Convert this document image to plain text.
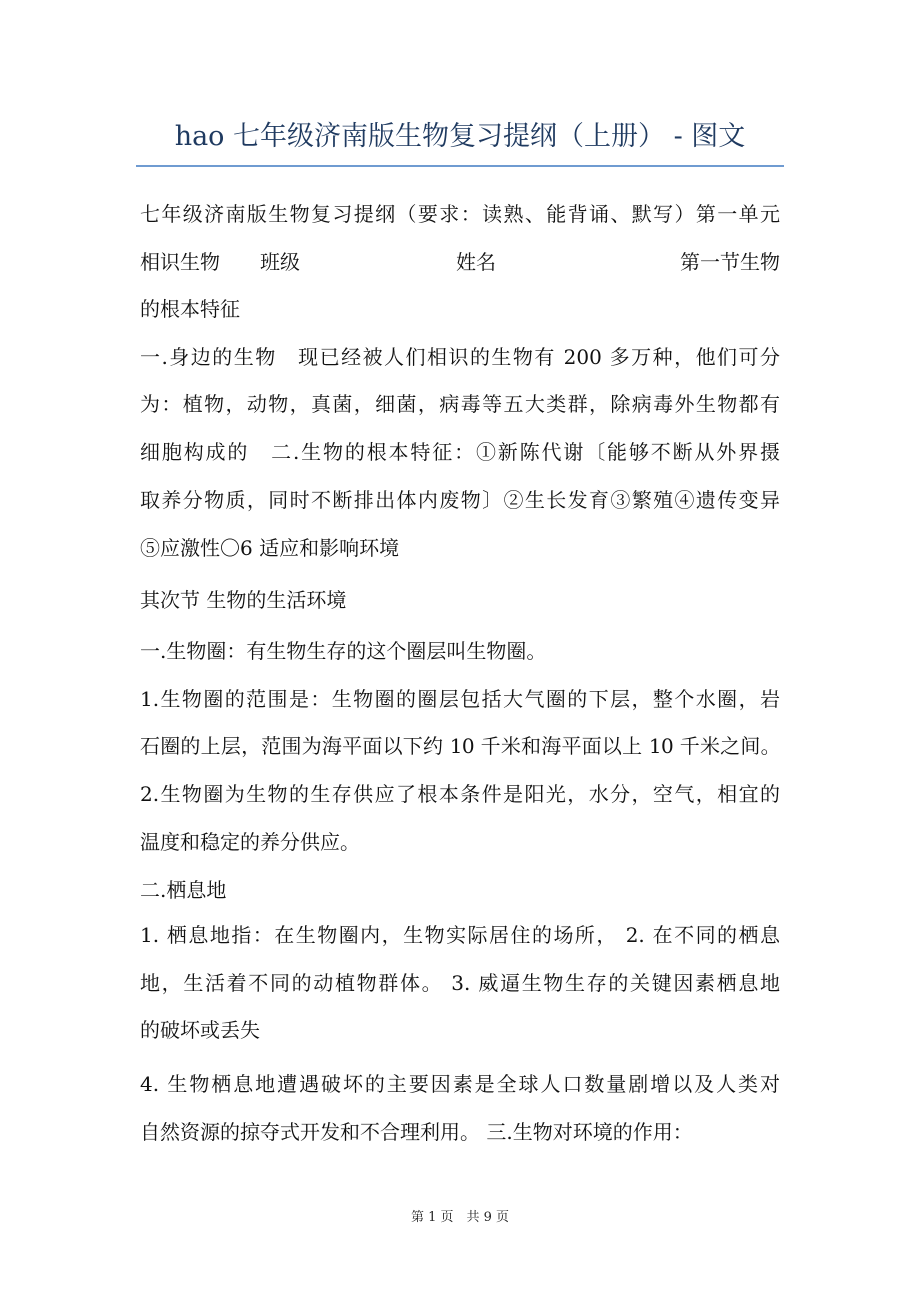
hao 七年级济南版生物复习提纲（上册） - 图文
七年级济南版生物复习提纲（要求：读熟、能背诵、默写）第一单元
相识生物 班级	姓名	第一节生物
的根本特征
一.身边的生物　现已经被人们相识的生物有 200 多万种，他们可分
为：植物，动物，真菌，细菌，病毒等五大类群，除病毒外生物都有
细胞构成的　二.生物的根本特征：①新陈代谢〔能够不断从外界摄
取养分物质，同时不断排出体内废物〕②生长发育③繁殖④遗传变异
⑤应激性〇6 适应和影响环境
其次节 生物的生活环境
一.生物圈：有生物生存的这个圈层叫生物圈。
1.生物圈的范围是：生物圈的圈层包括大气圈的下层，整个水圈，岩
石圈的上层，范围为海平面以下约 10 千米和海平面以上 10 千米之间。
2.生物圈为生物的生存供应了根本条件是阳光，水分，空气，相宜的
温度和稳定的养分供应。
二.栖息地
1. 栖息地指：在生物圈内，生物实际居住的场所， 2. 在不同的栖息
地，生活着不同的动植物群体。 3. 威逼生物生存的关键因素栖息地
的破坏或丢失
4. 生物栖息地遭遇破坏的主要因素是全球人口数量剧增以及人类对
自然资源的掠夺式开发和不合理利用。 三.生物对环境的作用：
第 1 页　共 9 页
